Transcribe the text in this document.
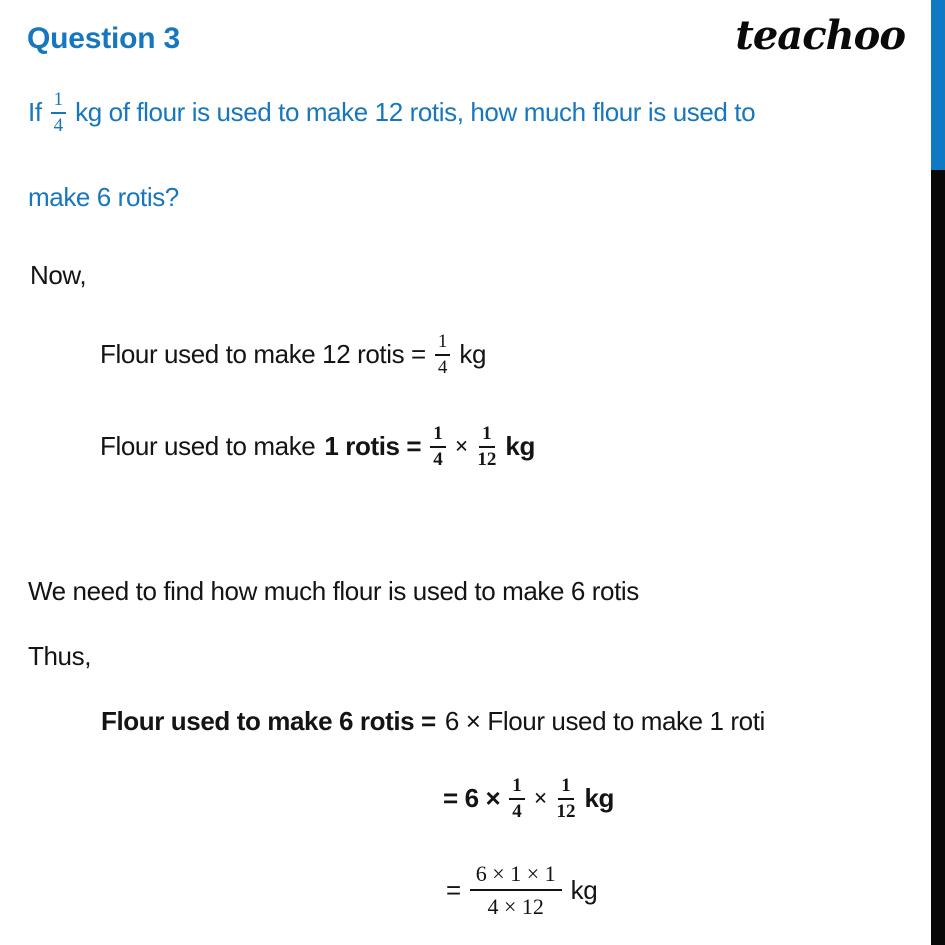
Question 3	teachoo
If $\frac{1}{4}$ kg of flour is used to make 12 rotis, how much flour is used to
make 6 rotis?
Now,
Flour used to make 12 rotis = $\frac{1}{4}$ kg
Flour used to make 1 rotis = $\frac{1}{4} \times \frac{1}{12}$ kg
We need to find how much flour is used to make 6 rotis
Thus,
Flour used to make 6 rotis = 6 × Flour used to make 1 roti
= $6 \times \frac{1}{4} \times \frac{1}{12}$ kg
= $\frac{6 \times 1 \times 1}{4 \times 12}$ kg
